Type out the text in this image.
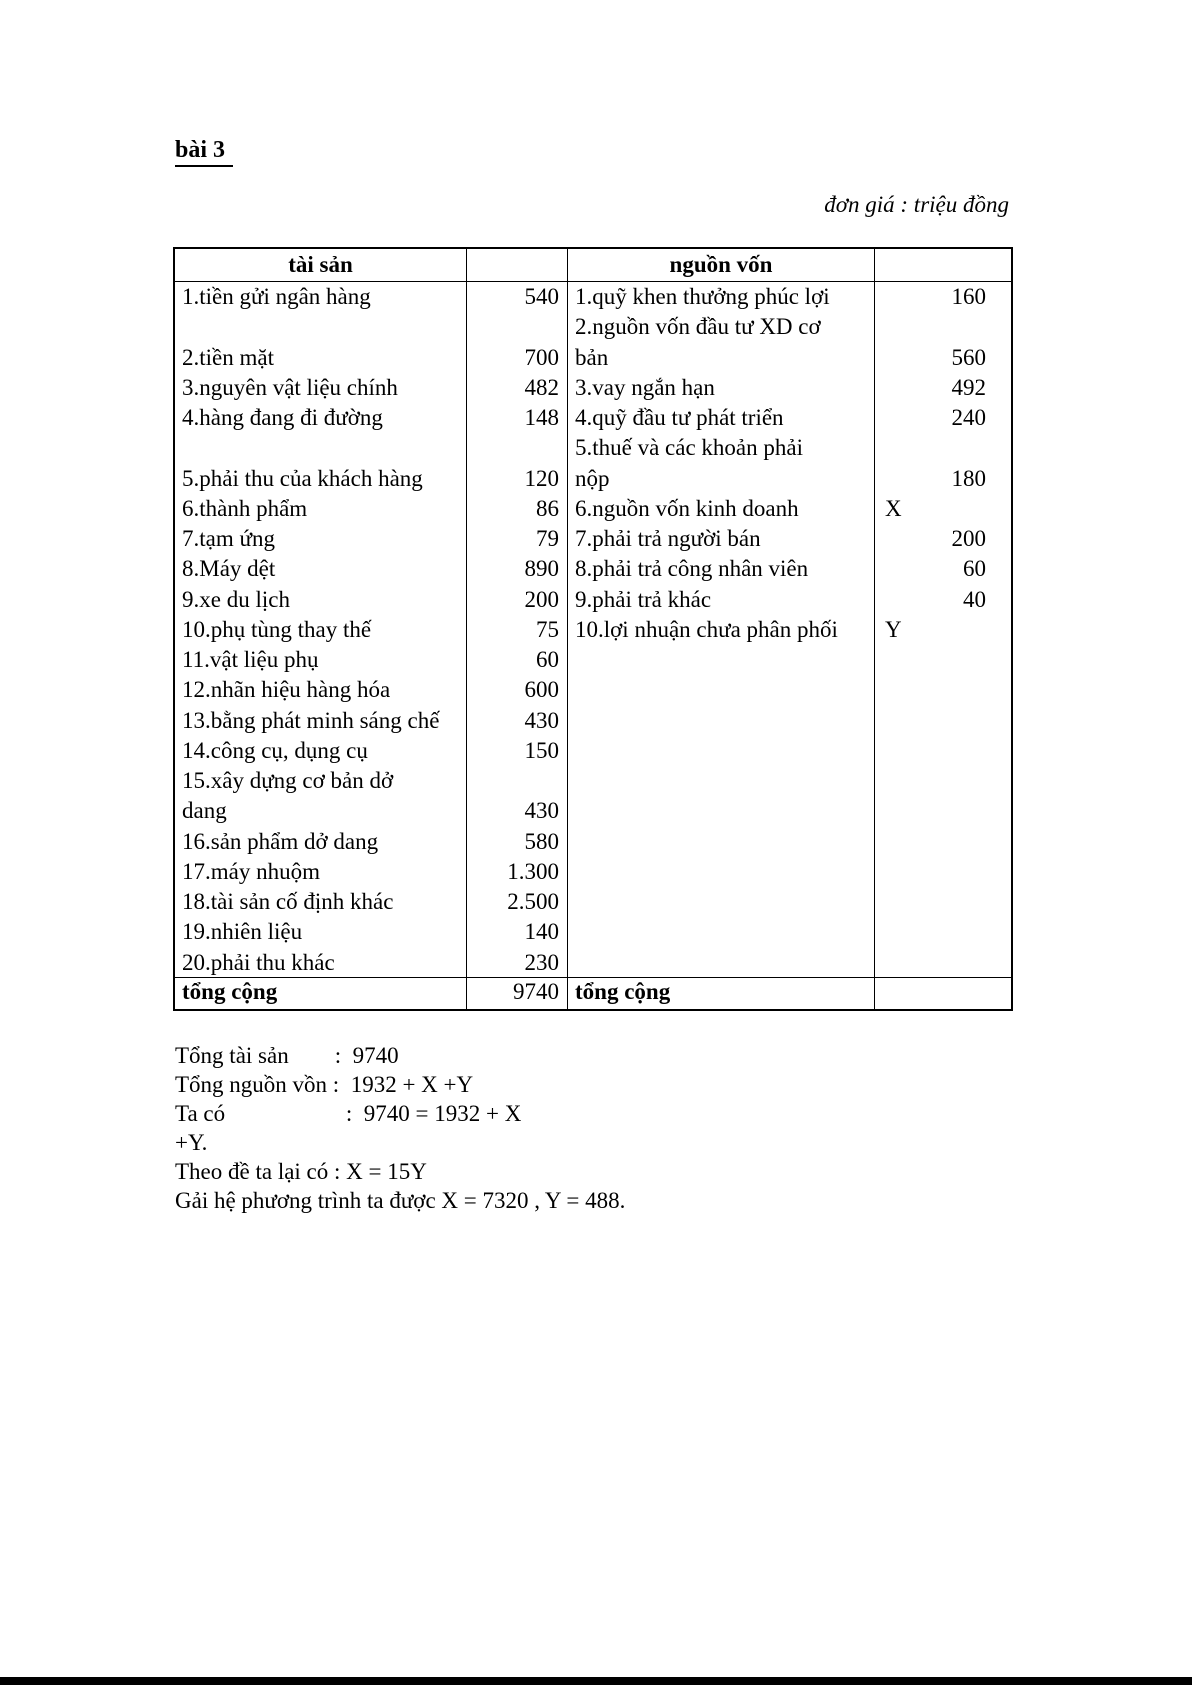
bài 3
đơn giá : triệu đồng
tài sản	nguồn vốn
1.tiền gửi ngân hàng
2.tiền mặt
3.nguyên vật liệu chính
4.hàng đang đi đường
5.phải thu của khách hàng
6.thành phẩm
7.tạm ứng
8.Máy dệt
9.xe du lịch
10.phụ tùng thay thế
11.vật liệu phụ
12.nhãn hiệu hàng hóa
13.bằng phát minh sáng chế
14.công cụ, dụng cụ
15.xây dựng cơ bản dở
dang
16.sản phẩm dở dang
17.máy nhuộm
18.tài sản cố định khác
19.nhiên liệu
20.phải thu khác
540
700
482
148
120
86
79
890
200
75
60
600
430
150
430
580
1.300
2.500
140
230
1.quỹ khen thưởng phúc lợi
2.nguồn vốn đầu tư XD cơ
bản
3.vay ngắn hạn
4.quỹ đầu tư phát triển
5.thuế và các khoản phải
nộp
6.nguồn vốn kinh doanh
7.phải trả người bán
8.phải trả công nhân viên
9.phải trả khác
10.lợi nhuận chưa phân phối
160
560
492
240
180
X
200
60
40
Y
tổng cộng	9740 tổng cộng
Tổng tài sản        :  9740
Tổng nguồn vồn :  1932 + X +Y
Ta có                     :  9740 = 1932 + X
+Y.
Theo đề ta lại có : X = 15Y
Gải hệ phương trình ta được X = 7320 , Y = 488.
